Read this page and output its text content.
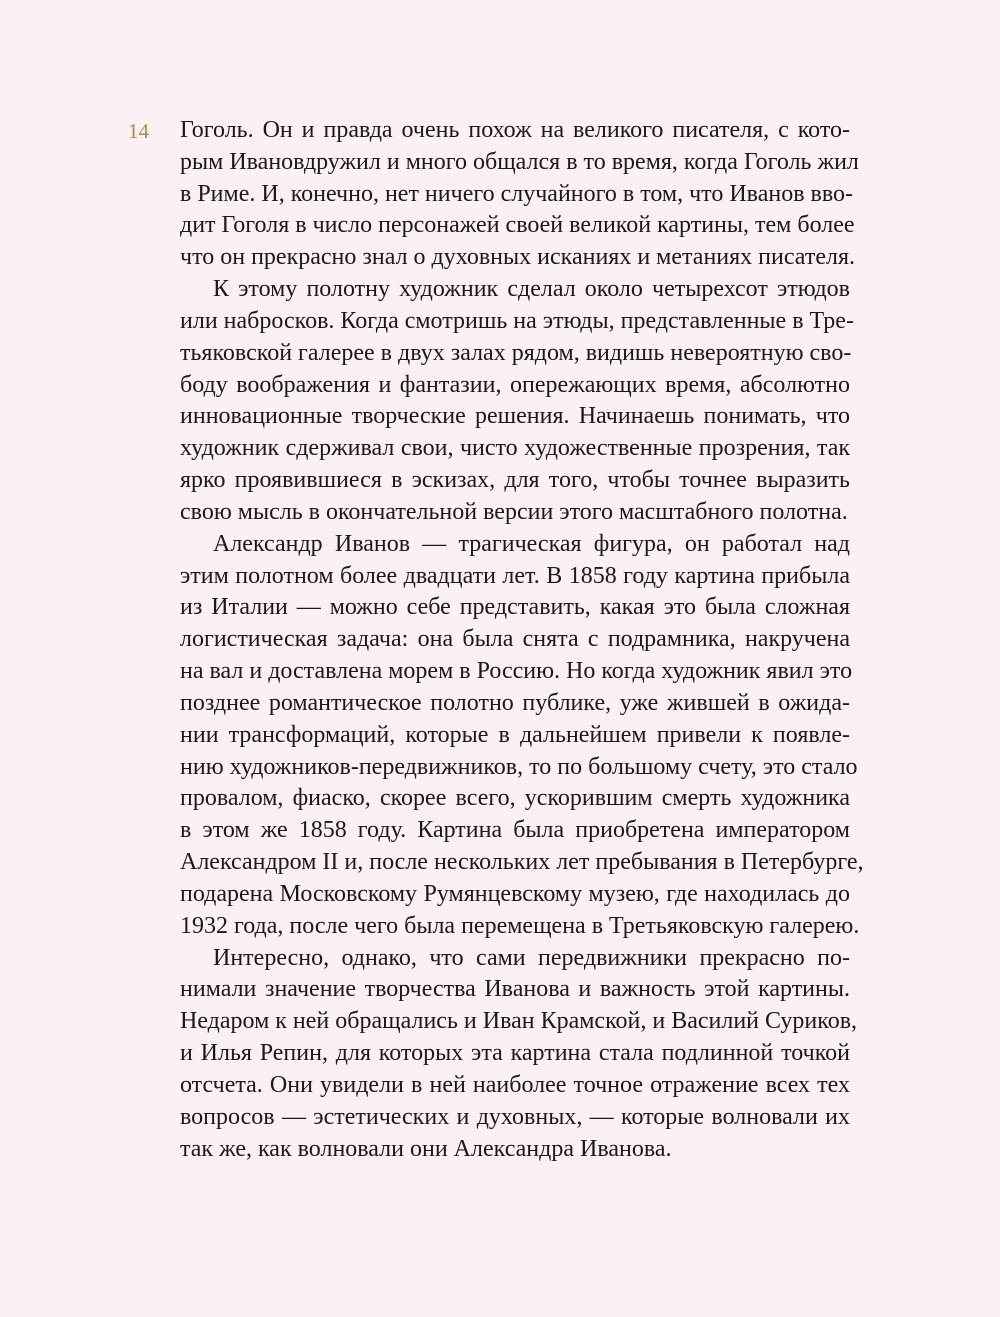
14 Гоголь. Он и правда очень похож на великого писателя, с кото-
рым Ивановдружил и много общался в то время, когда Гоголь жил
в Риме. И, конечно, нет ничего случайного в том, что Иванов вво-
дит Гоголя в число персонажей своей великой картины, тем более
что он прекрасно знал о духовных исканиях и метаниях писателя.
К этому полотну художник сделал около четырехсот этюдов
или набросков. Когда смотришь на этюды, представленные в Тре-
тьяковской галерее в двух залах рядом, видишь невероятную сво-
боду воображения и фантазии, опережающих время, абсолютно
инновационные творческие решения. Начинаешь понимать, что
художник сдерживал свои, чисто художественные прозрения, так
ярко проявившиеся в эскизах, для того, чтобы точнее выразить
свою мысль в окончательной версии этого масштабного полотна.
Александр Иванов — трагическая фигура, он работал над
этим полотном более двадцати лет. В 1858 году картина прибыла
из Италии — можно себе представить, какая это была сложная
логистическая задача: она была снята с подрамника, накручена
на вал и доставлена морем в Россию. Но когда художник явил это
позднее романтическое полотно публике, уже жившей в ожида-
нии трансформаций, которые в дальнейшем привели к появле-
нию художников-передвижников, то по большому счету, это стало
провалом, фиаско, скорее всего, ускорившим смерть художника
в этом же 1858 году. Картина была приобретена императором
Александром II и, после нескольких лет пребывания в Петербурге,
подарена Московскому Румянцевскому музею, где находилась до
1932 года, после чего была перемещена в Третьяковскую галерею.
Интересно, однако, что сами передвижники прекрасно по-
нимали значение творчества Иванова и важность этой картины.
Недаром к ней обращались и Иван Крамской, и Василий Суриков,
и Илья Репин, для которых эта картина стала подлинной точкой
отсчета. Они увидели в ней наиболее точное отражение всех тех
вопросов — эстетических и духовных, — которые волновали их
так же, как волновали они Александра Иванова.
